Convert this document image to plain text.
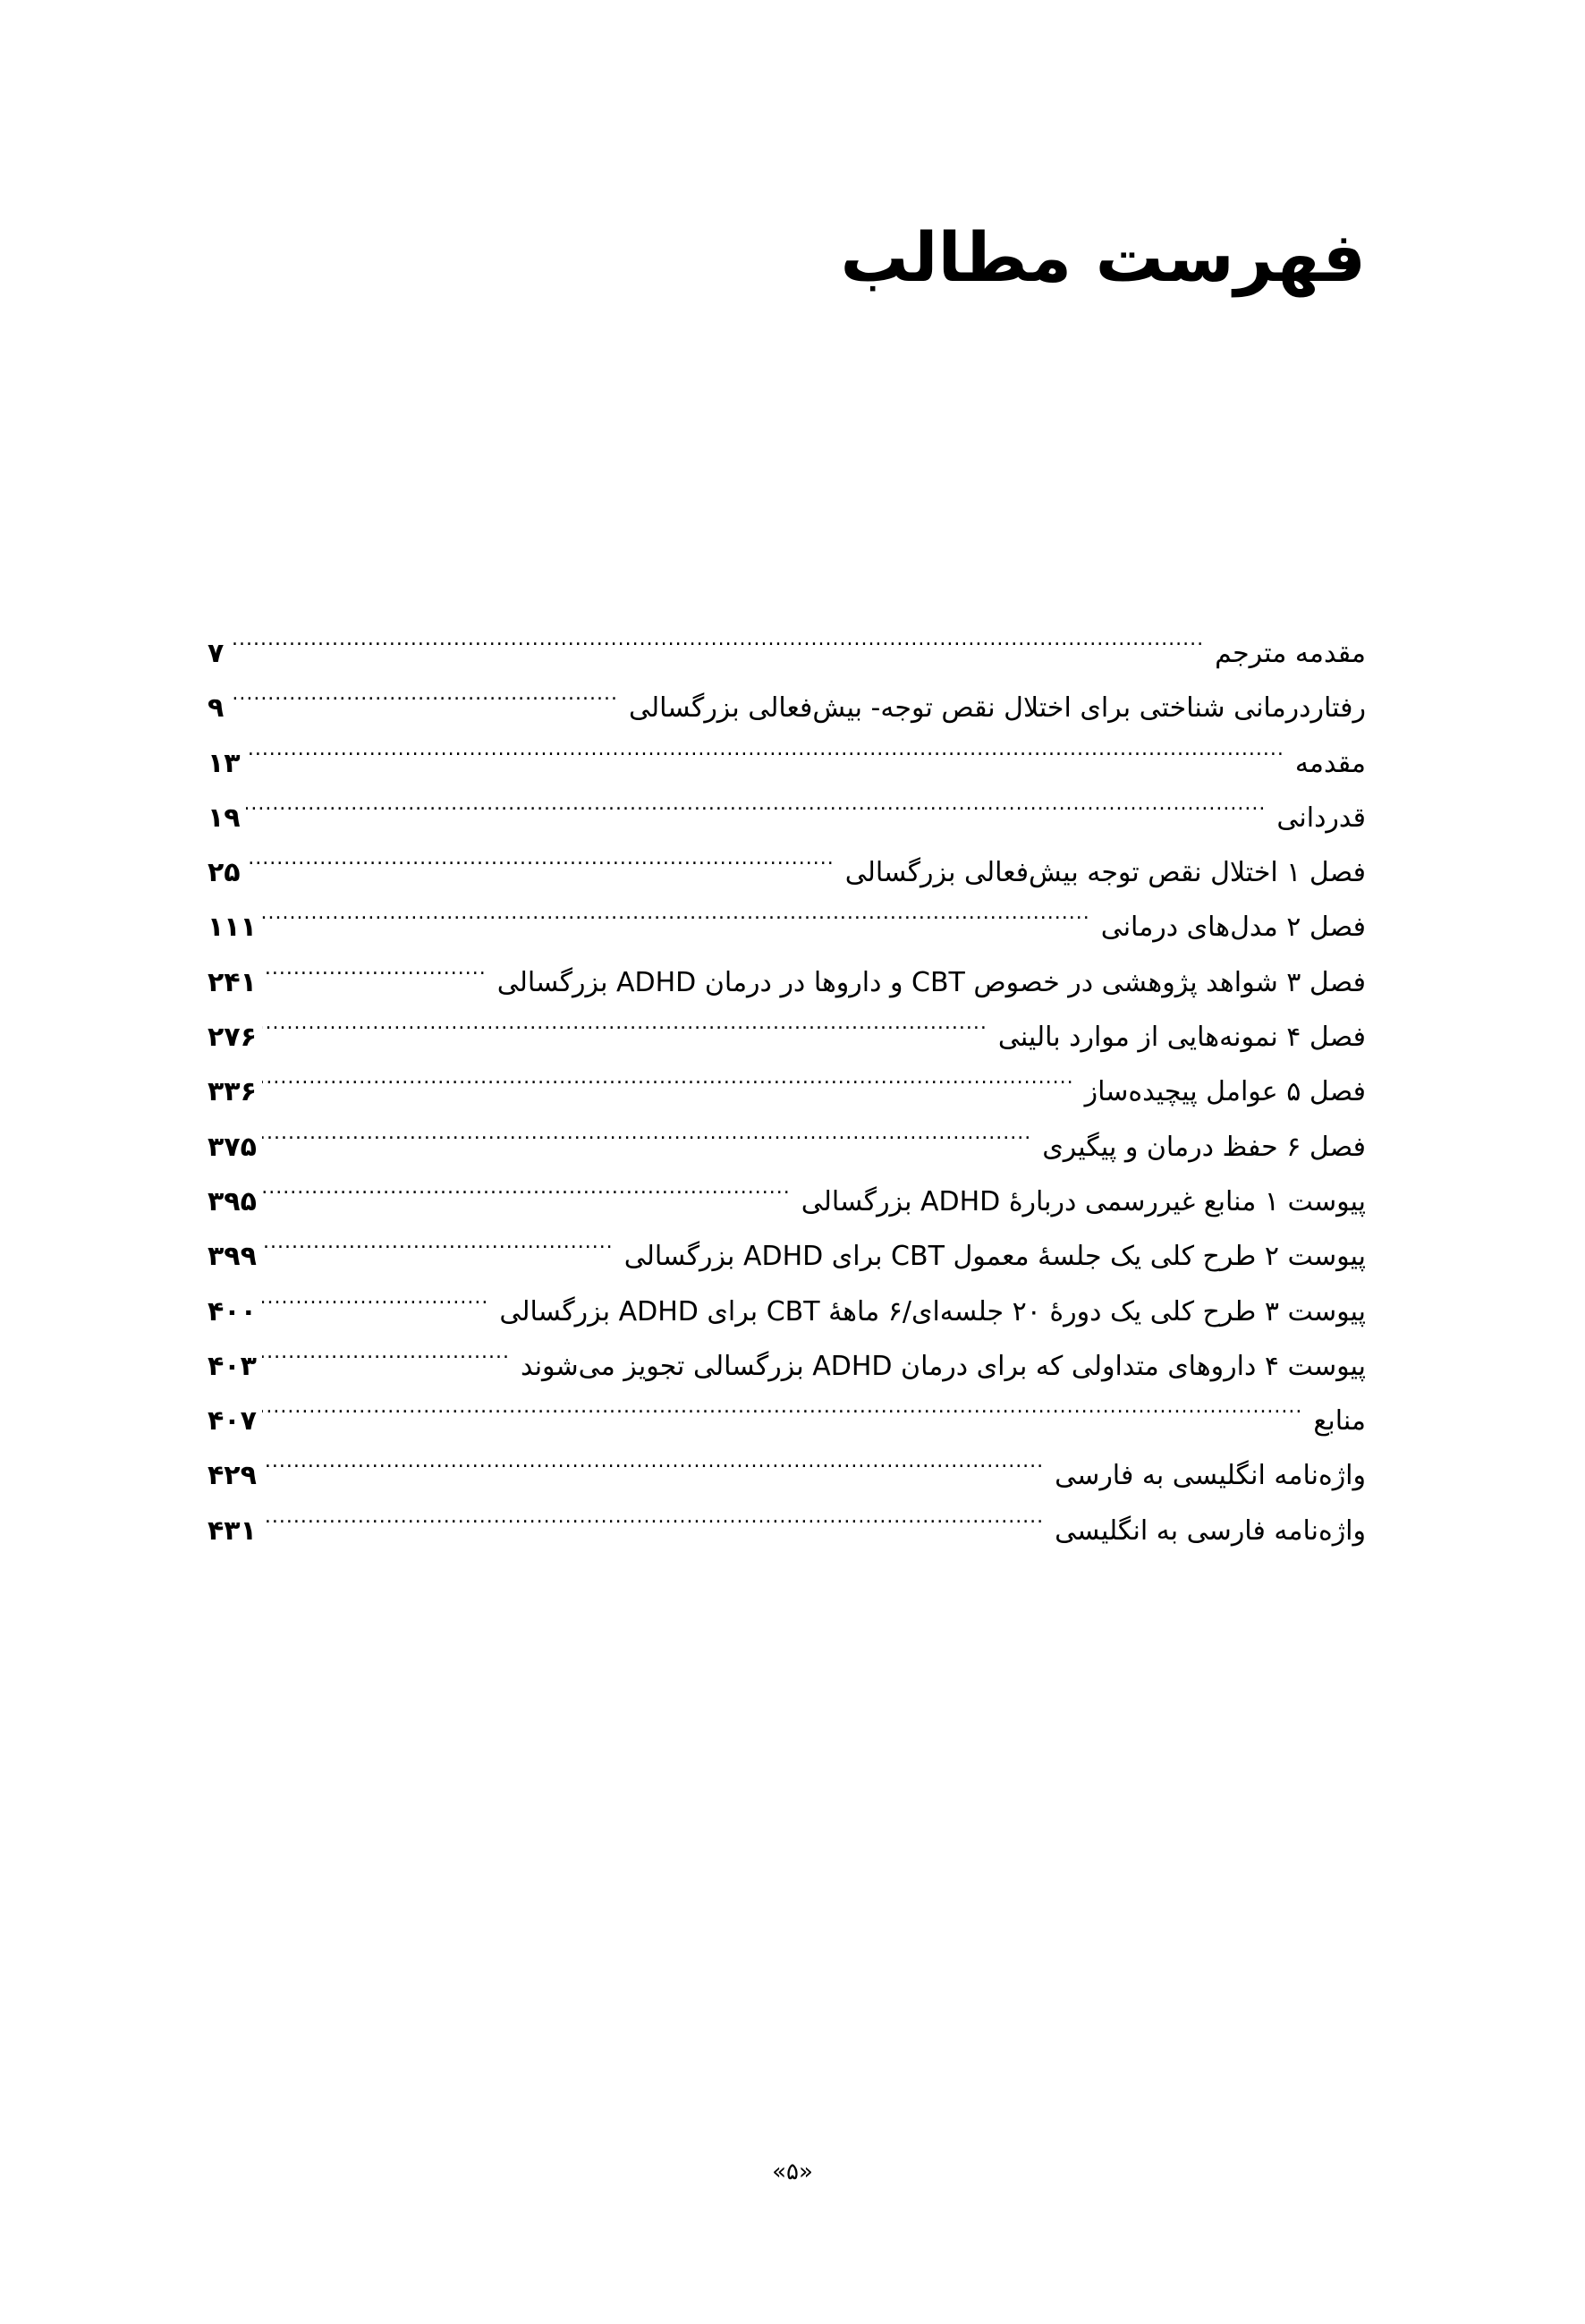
فهرست مطالب
مقدمه مترجم
.....
۷
رفتاردرمانی شناختی برای اختلال نقص توجه- بیش‌فعالی بزرگسالی
.....
۹
مقدمه
.....
۱۳
قدردانی
.....
۱۹
فصل ۱ اختلال نقص توجه بیش‌فعالی بزرگسالی
.....
۲۵
فصل ۲ مدل‌های درمانی
.....
۱۱۱
فصل ۳ شواهد پژوهشی در خصوص CBT و داروها در درمان ADHD بزرگسالی
.....
۲۴۱
فصل ۴ نمونه‌هایی از موارد بالینی
.....
۲۷۶
فصل ۵ عوامل پیچیده‌ساز
.....
۳۳۶
فصل ۶ حفظ درمان و پیگیری
.....
۳۷۵
پیوست ۱ منابع غیررسمی دربارۀ ADHD بزرگسالی
.....
۳۹۵
پیوست ۲ طرح کلی یک جلسۀ معمول CBT برای ADHD بزرگسالی
.....
۳۹۹
پیوست ۳ طرح کلی یک دورۀ ۲۰ جلسه‌ای/۶ ماهۀ CBT برای ADHD بزرگسالی
.....
۴۰۰
پیوست ۴ داروهای متداولی که برای درمان ADHD بزرگسالی تجویز می‌شوند
.....
۴۰۳
منابع
.....
۴۰۷
واژه‌نامه انگلیسی به فارسی
.....
۴۲۹
واژه‌نامه فارسی به انگلیسی
.....
۴۳۱
«۵»
